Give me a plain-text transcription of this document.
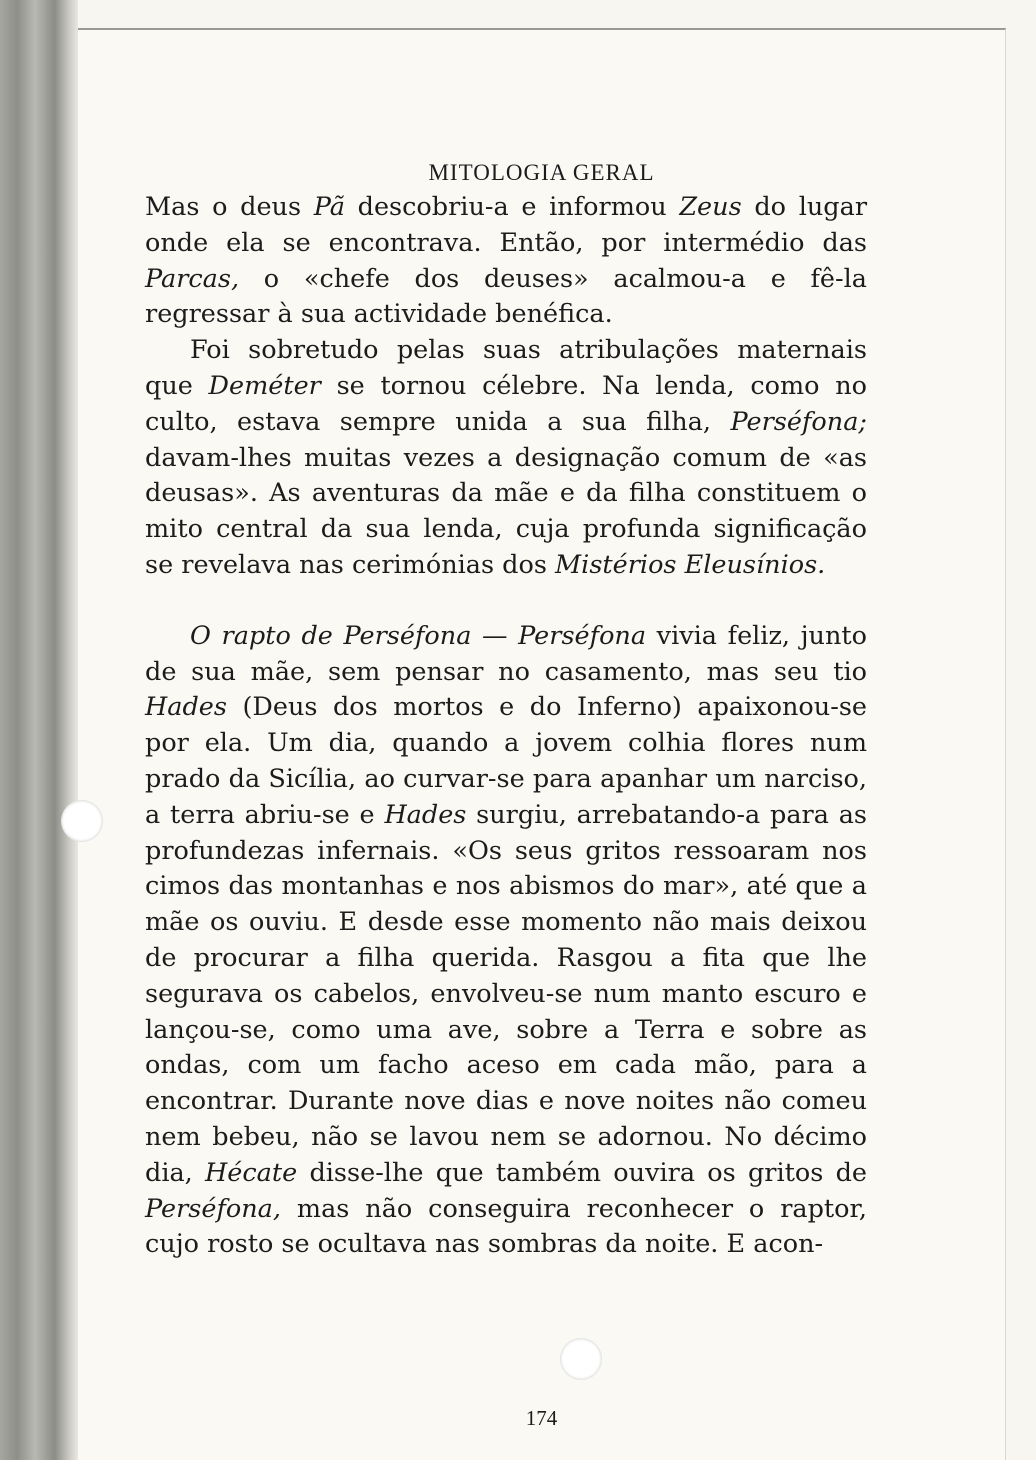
MITOLOGIA GERAL
174

Mas o deus Pã descobriu-a e informou Zeus do lugar onde ela se encontrava. Então, por intermédio das Parcas, o «chefe dos deuses» acalmou-a e fê-la regressar à sua actividade benéfica.

Foi sobretudo pelas suas atribulações maternais que Deméter se tornou célebre. Na lenda, como no culto, estava sempre unida a sua filha, Perséfona; davam-lhes muitas vezes a designação comum de «as deusas». As aventuras da mãe e da filha constituem o mito central da sua lenda, cuja profunda significação se revelava nas cerimónias dos Mistérios Eleusínios.

O rapto de Perséfona — Perséfona vivia feliz, junto de sua mãe, sem pensar no casamento, mas seu tio Hades (Deus dos mortos e do Inferno) apaixonou-se por ela. Um dia, quando a jovem colhia flores num prado da Sicília, ao curvar-se para apanhar um narciso, a terra abriu-se e Hades surgiu, arrebatando-a para as profundezas infernais. «Os seus gritos ressoaram nos cimos das montanhas e nos abismos do mar», até que a mãe os ouviu. E desde esse momento não mais deixou de procurar a filha querida. Rasgou a fita que lhe segurava os cabelos, envolveu-se num manto escuro e lançou-se, como uma ave, sobre a Terra e sobre as ondas, com um facho aceso em cada mão, para a encontrar. Durante nove dias e nove noites não comeu nem bebeu, não se lavou nem se adornou. No décimo dia, Hécate disse-lhe que também ouvira os gritos de Perséfona, mas não conseguira reconhecer o raptor, cujo rosto se ocultava nas sombras da noite. E acon-
